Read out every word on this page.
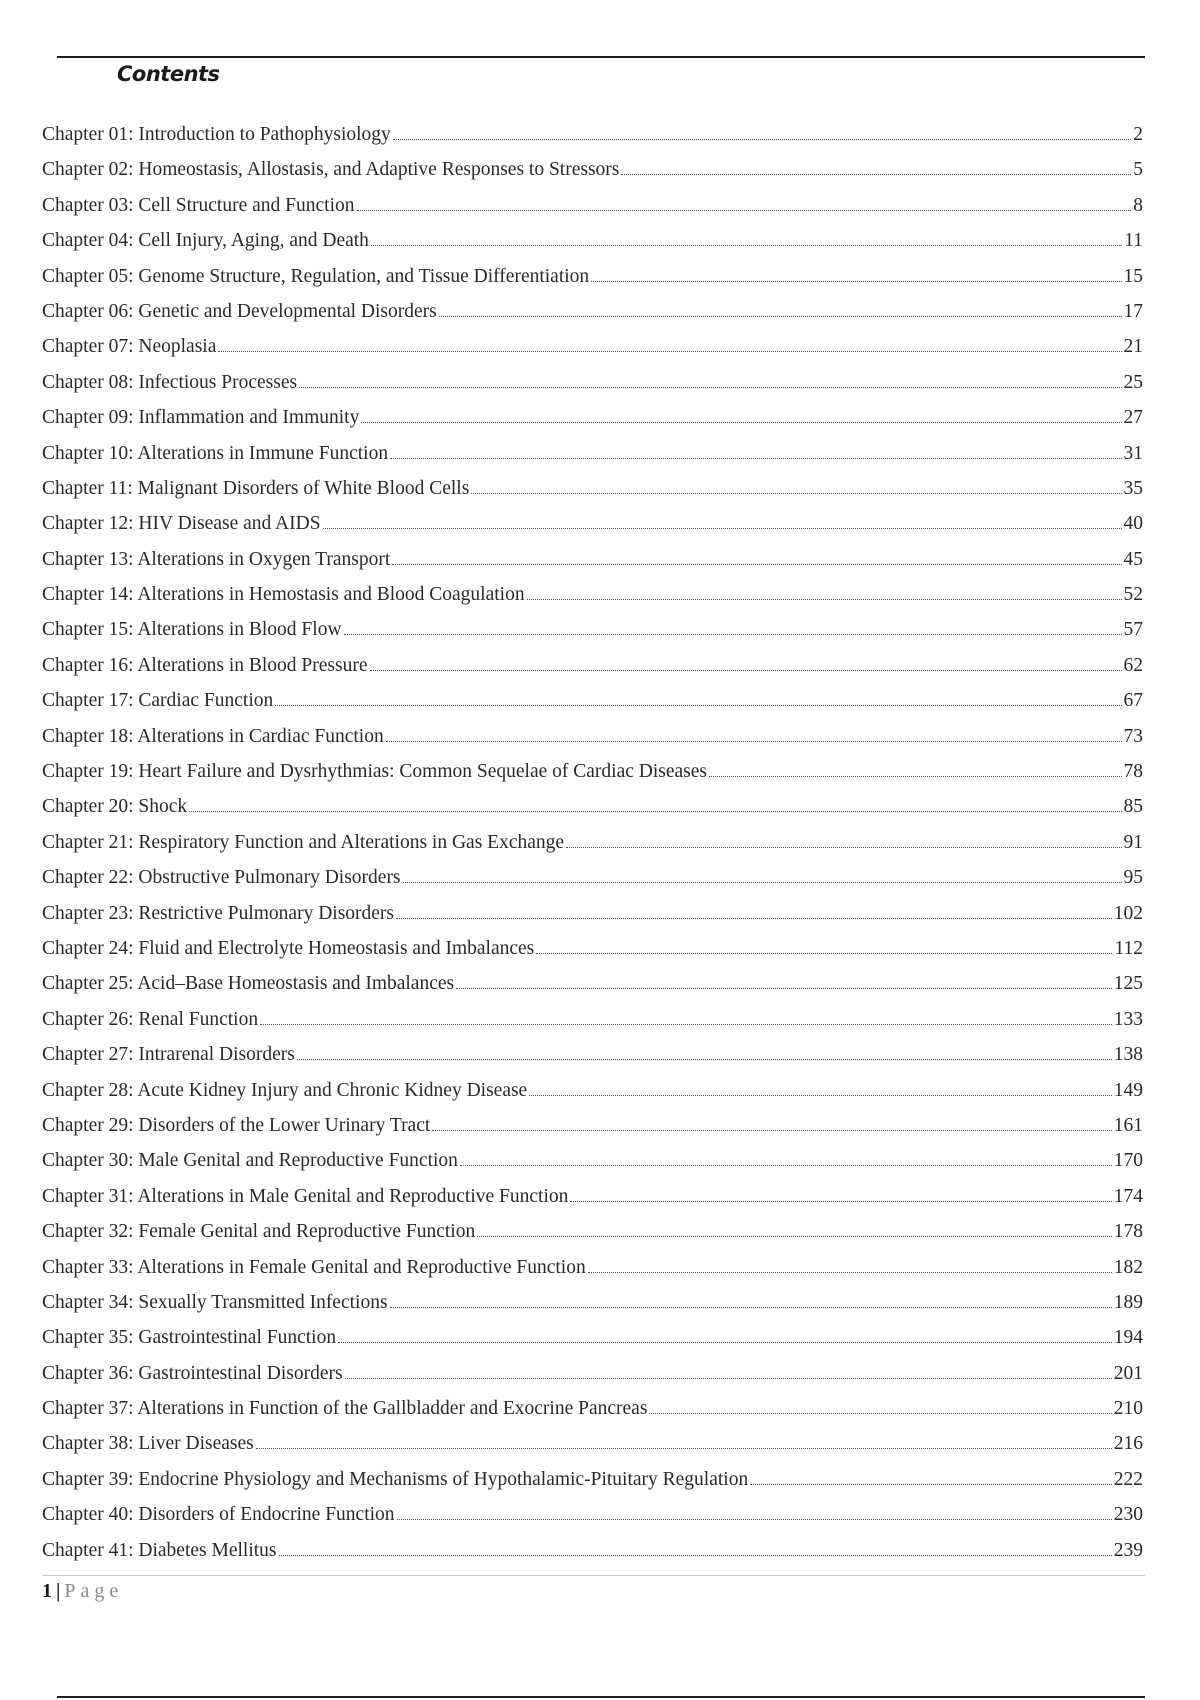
Contents
Chapter 01: Introduction to Pathophysiology	2
Chapter 02: Homeostasis, Allostasis, and Adaptive Responses to Stressors	5
Chapter 03: Cell Structure and Function	8
Chapter 04: Cell Injury, Aging, and Death	11
Chapter 05: Genome Structure, Regulation, and Tissue Differentiation	15
Chapter 06: Genetic and Developmental Disorders	17
Chapter 07: Neoplasia	21
Chapter 08: Infectious Processes	25
Chapter 09: Inflammation and Immunity	27
Chapter 10: Alterations in Immune Function	31
Chapter 11: Malignant Disorders of White Blood Cells	35
Chapter 12: HIV Disease and AIDS	40
Chapter 13: Alterations in Oxygen Transport	45
Chapter 14: Alterations in Hemostasis and Blood Coagulation	52
Chapter 15: Alterations in Blood Flow	57
Chapter 16: Alterations in Blood Pressure	62
Chapter 17: Cardiac Function	67
Chapter 18: Alterations in Cardiac Function	73
Chapter 19: Heart Failure and Dysrhythmias: Common Sequelae of Cardiac Diseases	78
Chapter 20: Shock	85
Chapter 21: Respiratory Function and Alterations in Gas Exchange	91
Chapter 22: Obstructive Pulmonary Disorders	95
Chapter 23: Restrictive Pulmonary Disorders	102
Chapter 24: Fluid and Electrolyte Homeostasis and Imbalances	112
Chapter 25: Acid–Base Homeostasis and Imbalances	125
Chapter 26: Renal Function	133
Chapter 27: Intrarenal Disorders	138
Chapter 28: Acute Kidney Injury and Chronic Kidney Disease	149
Chapter 29: Disorders of the Lower Urinary Tract	161
Chapter 30: Male Genital and Reproductive Function	170
Chapter 31: Alterations in Male Genital and Reproductive Function	174
Chapter 32: Female Genital and Reproductive Function	178
Chapter 33: Alterations in Female Genital and Reproductive Function	182
Chapter 34: Sexually Transmitted Infections	189
Chapter 35: Gastrointestinal Function	194
Chapter 36: Gastrointestinal Disorders	201
Chapter 37: Alterations in Function of the Gallbladder and Exocrine Pancreas	210
Chapter 38: Liver Diseases	216
Chapter 39: Endocrine Physiology and Mechanisms of Hypothalamic-Pituitary Regulation	222
Chapter 40: Disorders of Endocrine Function	230
Chapter 41: Diabetes Mellitus	239
1 | Page
